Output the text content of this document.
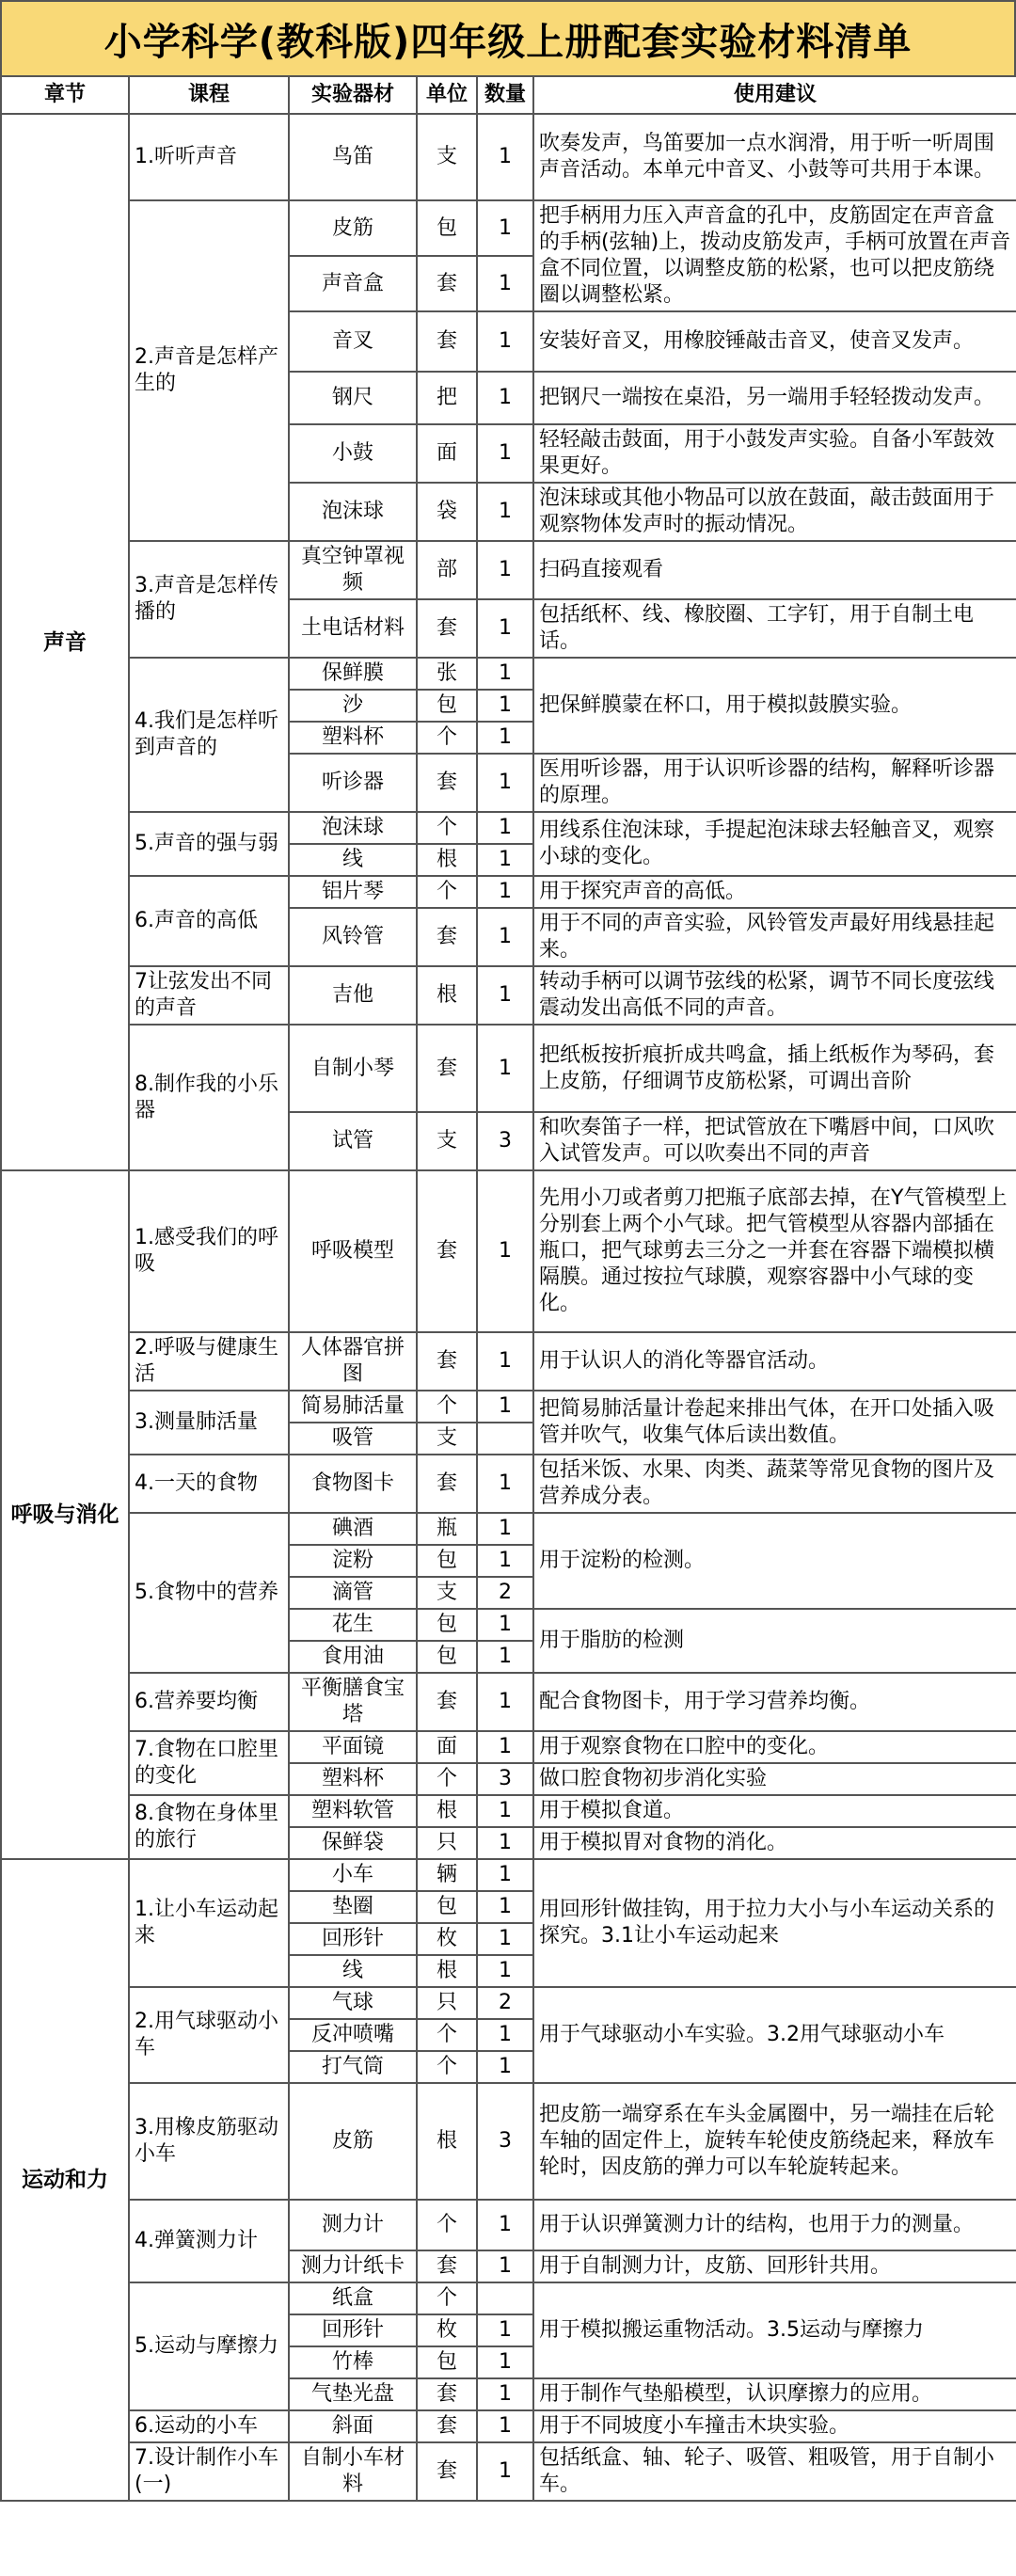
小学科学(教科版)四年级上册配套实验材料清单
章节	课程	实验器材	单位	数量	使用建议
声音	1.听听声音	鸟笛	支	1	吹奏发声，鸟笛要加一点水润滑，用于听一听周围声音活动。本单元中音叉、小鼓等可共用于本课。
	2.声音是怎样产生的	皮筋	包	1	把手柄用力压入声音盒的孔中，皮筋固定在声音盒的手柄(弦轴)上，拨动皮筋发声，手柄可放置在声音盒不同位置，以调整皮筋的松紧，也可以把皮筋绕圈以调整松紧。
		声音盒	套	1	
		音叉	套	1	安装好音叉，用橡胶锤敲击音叉，使音叉发声。
		钢尺	把	1	把钢尺一端按在桌沿，另一端用手轻轻拨动发声。
		小鼓	面	1	轻轻敲击鼓面，用于小鼓发声实验。自备小军鼓效果更好。
		泡沫球	袋	1	泡沫球或其他小物品可以放在鼓面，敲击鼓面用于观察物体发声时的振动情况。
	3.声音是怎样传播的	真空钟罩视频	部	1	扫码直接观看
		土电话材料	套	1	包括纸杯、线、橡胶圈、工字钉，用于自制土电话。
	4.我们是怎样听到声音的	保鲜膜	张	1	把保鲜膜蒙在杯口，用于模拟鼓膜实验。
		沙	包	1	
		塑料杯	个	1	
		听诊器	套	1	医用听诊器，用于认识听诊器的结构，解释听诊器的原理。
	5.声音的强与弱	泡沫球	个	1	用线系住泡沫球，手提起泡沫球去轻触音叉，观察小球的变化。
		线	根	1	
	6.声音的高低	铝片琴	个	1	用于探究声音的高低。
		风铃管	套	1	用于不同的声音实验，风铃管发声最好用线悬挂起来。
	7让弦发出不同的声音	吉他	根	1	转动手柄可以调节弦线的松紧，调节不同长度弦线震动发出高低不同的声音。
	8.制作我的小乐器	自制小琴	套	1	把纸板按折痕折成共鸣盒，插上纸板作为琴码，套上皮筋，仔细调节皮筋松紧，可调出音阶
		试管	支	3	和吹奏笛子一样，把试管放在下嘴唇中间，口风吹入试管发声。可以吹奏出不同的声音
呼吸与消化	1.感受我们的呼吸	呼吸模型	套	1	先用小刀或者剪刀把瓶子底部去掉，在Y气管模型上分别套上两个小气球。把气管模型从容器内部插在瓶口，把气球剪去三分之一并套在容器下端模拟横隔膜。通过按拉气球膜，观察容器中小气球的变化。
	2.呼吸与健康生活	人体器官拼图	套	1	用于认识人的消化等器官活动。
	3.测量肺活量	简易肺活量	个	1	把简易肺活量计卷起来排出气体，在开口处插入吸管并吹气，收集气体后读出数值。
		吸管	支		
	4.一天的食物	食物图卡	套	1	包括米饭、水果、肉类、蔬菜等常见食物的图片及营养成分表。
	5.食物中的营养	碘酒	瓶	1	用于淀粉的检测。
		淀粉	包	1	
		滴管	支	2	
		花生	包	1	用于脂肪的检测
		食用油	包	1	
	6.营养要均衡	平衡膳食宝塔	套	1	配合食物图卡，用于学习营养均衡。
	7.食物在口腔里的变化	平面镜	面	1	用于观察食物在口腔中的变化。
		塑料杯	个	3	做口腔食物初步消化实验
	8.食物在身体里的旅行	塑料软管	根	1	用于模拟食道。
		保鲜袋	只	1	用于模拟胃对食物的消化。
运动和力	1.让小车运动起来	小车	辆	1	用回形针做挂钩，用于拉力大小与小车运动关系的探究。3.1让小车运动起来
		垫圈	包	1	
		回形针	枚	1	
		线	根	1	
	2.用气球驱动小车	气球	只	2	用于气球驱动小车实验。3.2用气球驱动小车
		反冲喷嘴	个	1	
		打气筒	个	1	
	3.用橡皮筋驱动小车	皮筋	根	3	把皮筋一端穿系在车头金属圈中，另一端挂在后轮车轴的固定件上，旋转车轮使皮筋绕起来，释放车轮时，因皮筋的弹力可以车轮旋转起来。
	4.弹簧测力计	测力计	个	1	用于认识弹簧测力计的结构，也用于力的测量。
		测力计纸卡	套	1	用于自制测力计，皮筋、回形针共用。
	5.运动与摩擦力	纸盒	个		用于模拟搬运重物活动。3.5运动与摩擦力
		回形针	枚	1	
		竹棒	包	1	
		气垫光盘	套	1	用于制作气垫船模型，认识摩擦力的应用。
	6.运动的小车	斜面	套	1	用于不同坡度小车撞击木块实验。
	7.设计制作小车(一)	自制小车材料	套	1	包括纸盒、轴、轮子、吸管、粗吸管，用于自制小车。
